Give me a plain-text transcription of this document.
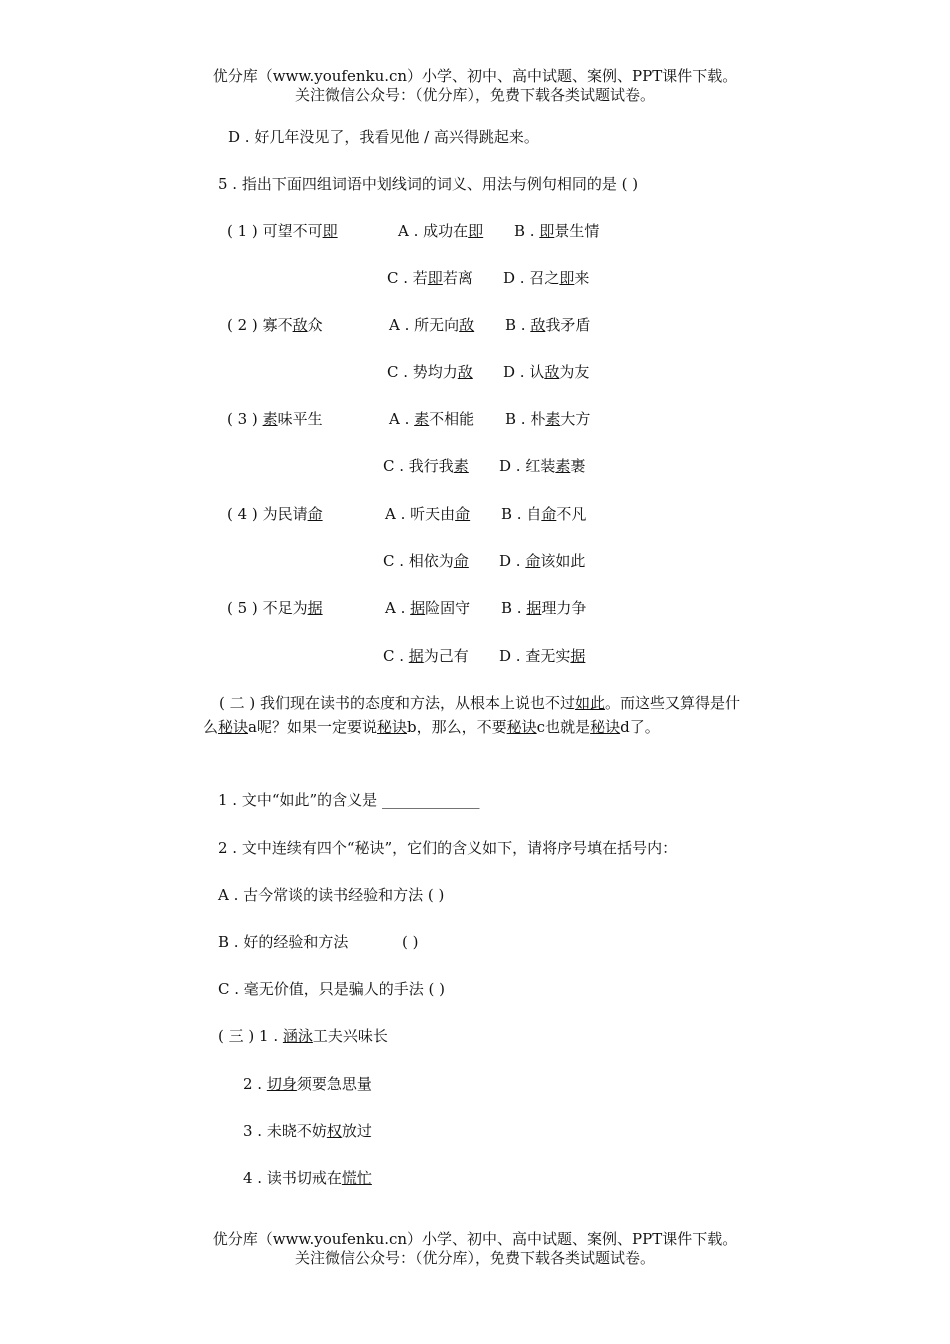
优分库（www.youfenku.cn）小学、初中、高中试题、案例、PPT课件下载。
关注微信公众号：（优分库），免费下载各类试题试卷。
D . 好几年没见了，我看见他 / 高兴得跳起来。
5 . 指出下面四组词语中划线词的词义、用法与例句相同的是 ( )
( 1 ) 可望不可即	A . 成功在即 B . 即景生情
C . 若即若离 D . 召之即来
( 2 ) 寡不敌众	A . 所无向敌 B . 敌我矛盾
C . 势均力敌 D . 认敌为友
( 3 ) 素味平生	A . 素不相能 B . 朴素大方
C . 我行我素 D . 红装素裹
( 4 ) 为民请命	A . 听天由命 B . 自命不凡
C . 相依为命 D . 命该如此
( 5 ) 不足为据	A . 据险固守 B . 据理力争
C . 据为己有 D . 查无实据
( 二 ) 我们现在读书的态度和方法，从根本上说也不过如此。而这些又算得是什么秘诀a呢？如果一定要说秘诀b，那么，不要秘诀c也就是秘诀d了。
1 . 文中“如此”的含义是 _____________
2 . 文中连续有四个“秘诀”，它们的含义如下，请将序号填在括号内：
A . 古今常谈的读书经验和方法 ( )
B . 好的经验和方法	( )
C . 毫无价值，只是骗人的手法 ( )
( 三 ) 1 . 涵泳工夫兴味长
2 . 切身须要急思量
3 . 未晓不妨权放过
4 . 读书切戒在慌忙
优分库（www.youfenku.cn）小学、初中、高中试题、案例、PPT课件下载。
关注微信公众号：（优分库），免费下载各类试题试卷。
